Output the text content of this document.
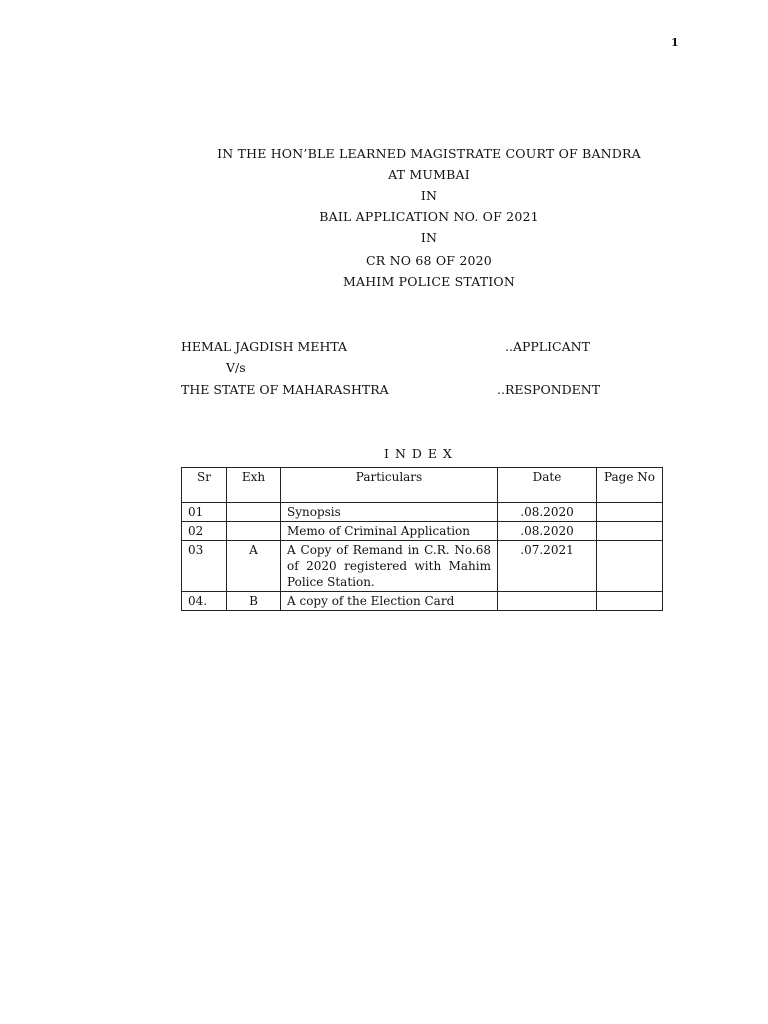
1
IN THE HON’BLE LEARNED MAGISTRATE COURT OF BANDRA
AT MUMBAI
IN
BAIL APPLICATION NO. OF 2021
IN
CR NO 68 OF 2020
MAHIM POLICE STATION
HEMAL JAGDISH MEHTA	..APPLICANT
V/s
THE STATE OF MAHARASHTRA	..RESPONDENT
INDEX
Sr	Exh	Particulars	Date	Page No
01		Synopsis	.08.2020	
02		Memo of Criminal Application	.08.2020	
03	A	A Copy of Remand in C.R. No.68 of 2020 registered with Mahim Police Station.	.07.2021	
04.	B	A copy of the Election Card		
